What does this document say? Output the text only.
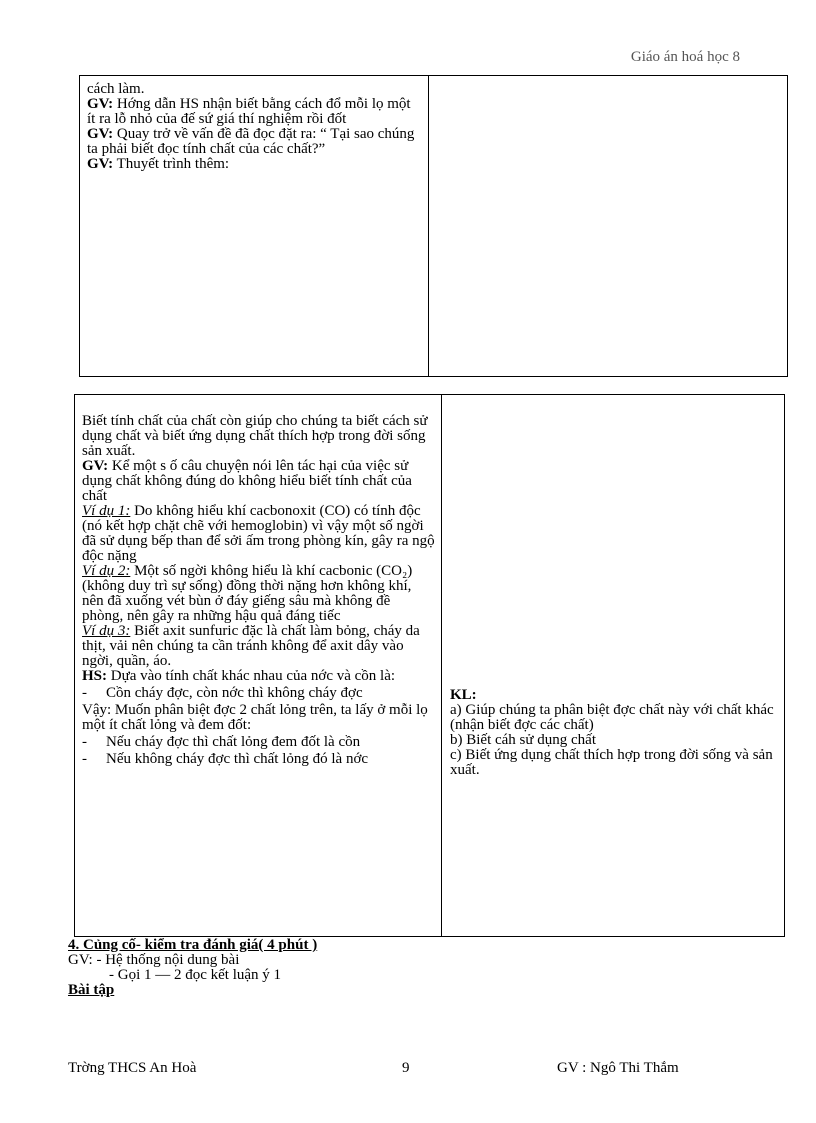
Giáo án hoá học 8

cách làm.

GV: Hớng dẫn HS nhận biết bằng cách đổ mỗi lọ một ít ra lỗ nhỏ của đế sứ giá thí nghiệm rồi đốt

GV: Quay trở về vấn đề đã đọc đặt ra: “ Tại sao chúng ta phải biết đọc tính chất của các chất?”

GV: Thuyết trình thêm:

Biết tính chất của chất còn giúp cho chúng ta biết cách sử dụng chất và biết ứng dụng chất thích hợp trong đời sống sản xuất.

GV: Kể một s ố câu chuyện nói lên tác hại của việc sử dụng chất không đúng do không hiểu biết tính chất của chất

Ví dụ 1: Do không hiểu khí cacbonoxit (CO) có tính độc (nó kết hợp chặt chẽ với hemoglobin) vì vậy một số ngời đã sử dụng bếp than để sởi ấm trong phòng kín, gây ra ngộ độc nặng

Ví dụ 2: Một số ngời không hiểu là khí cacbonic (CO₂) (không duy trì sự sống) đồng thời nặng hơn không khí, nên đã xuống vét bùn ở đáy giếng sâu mà không đề phòng, nên gây ra những hậu quả đáng tiếc

Ví dụ 3: Biết axit sunfuric đặc là chất làm bỏng, cháy da thịt, vải nên chúng ta cần tránh không để axit dây vào ngời, quần, áo.

HS: Dựa vào tính chất khác nhau của nớc và cồn là:

-	Cồn cháy đợc, còn nớc thì không cháy đợc

Vậy: Muốn phân biệt đợc 2 chất lỏng trên, ta lấy ở mỗi lọ một ít chất lỏng và đem đốt:

-	Nếu cháy đợc thì chất lỏng đem đốt là cồn
-	Nếu không cháy đợc thì chất lỏng đó là nớc

KL:

a) Giúp chúng ta phân biệt đợc chất này với chất khác (nhận biết đợc các chất)

b) Biết cáh sử dụng chất

c) Biết ứng dụng chất thích hợp trong đời sống và sản xuất.

4. Củng cố- kiểm tra đánh giá( 4 phút )

GV: - Hệ thống nội dung bài

- Gọi 1 — 2 đọc kết luận ý 1

Bài tập

Trờng THCS An Hoà	9	GV : Ngô Thi Thắm
